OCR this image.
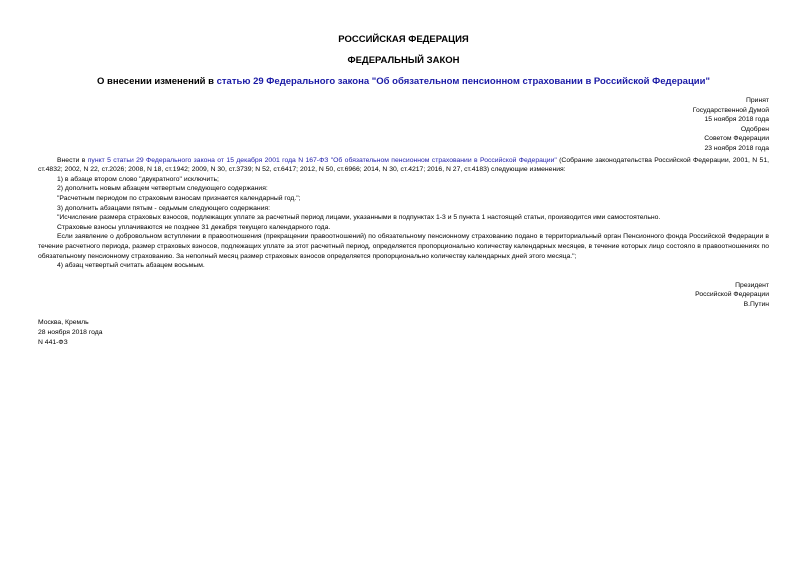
РОССИЙСКАЯ ФЕДЕРАЦИЯ
ФЕДЕРАЛЬНЫЙ ЗАКОН
О внесении изменений в статью 29 Федерального закона "Об обязательном пенсионном страховании в Российской Федерации"
Принят
Государственной Думой
15 ноября 2018 года
Одобрен
Советом Федерации
23 ноября 2018 года

Внести в пункт 5 статьи 29 Федерального закона от 15 декабря 2001 года N 167-ФЗ "Об обязательном пенсионном страховании в Российской Федерации" (Собрание законодательства Российской Федерации, 2001, N 51, ст.4832; 2002, N 22, ст.2026; 2008, N 18, ст.1942; 2009, N 30, ст.3739; N 52, ст.6417; 2012, N 50, ст.6966; 2014, N 30, ст.4217; 2016, N 27, ст.4183) следующие изменения:

1) в абзаце втором слово "двукратного" исключить;

2) дополнить новым абзацем четвертым следующего содержания:

"Расчетным периодом по страховым взносам признается календарный год.";

3) дополнить абзацами пятым - седьмым следующего содержания:

"Исчисление размера страховых взносов, подлежащих уплате за расчетный период лицами, указанными в подпунктах 1-3 и 5 пункта 1 настоящей статьи, производится ими самостоятельно.

Страховые взносы уплачиваются не позднее 31 декабря текущего календарного года.

Если заявление о добровольном вступлении в правоотношения (прекращении правоотношений) по обязательному пенсионному страхованию подано в территориальный орган Пенсионного фонда Российской Федерации в течение расчетного периода, размер страховых взносов, подлежащих уплате за этот расчетный период, определяется пропорционально количеству календарных месяцев, в течение которых лицо состояло в правоотношениях по обязательному пенсионному страхованию. За неполный месяц размер страховых взносов определяется пропорционально количеству календарных дней этого месяца.";

4) абзац четвертый считать абзацем восьмым.

Президент
Российской Федерации
В.Путин
Москва, Кремль
28 ноября 2018 года
N 441-ФЗ
